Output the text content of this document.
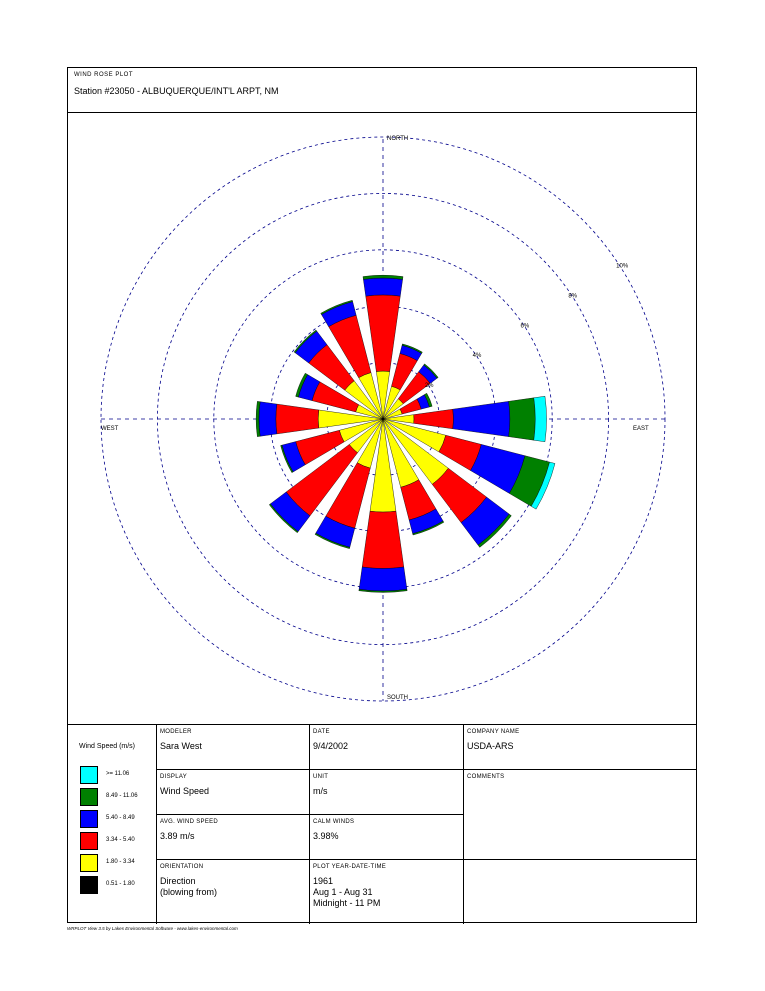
WIND ROSE PLOT
Station #23050 - ALBUQUERQUE/INT'L ARPT, NM
2%
4%
6%
8%
10%
NORTH
SOUTH
EAST
WEST
Wind Speed (m/s)
>= 11.06
8.49 - 11.06
5.40 - 8.49
3.34 - 5.40
1.80 - 3.34
0.51 - 1.80
MODELER
Sara West
DISPLAY
Wind Speed
AVG. WIND SPEED
3.89 m/s
ORIENTATION
Direction
(blowing from)
DATE
9/4/2002
UNIT
m/s
CALM WINDS
3.98%
PLOT YEAR-DATE-TIME
1961
Aug 1 - Aug 31
Midnight - 11 PM
COMPANY NAME
USDA-ARS
COMMENTS
WRPLOT View 3.5 by Lakes Environmental Software - www.lakes-environmental.com
